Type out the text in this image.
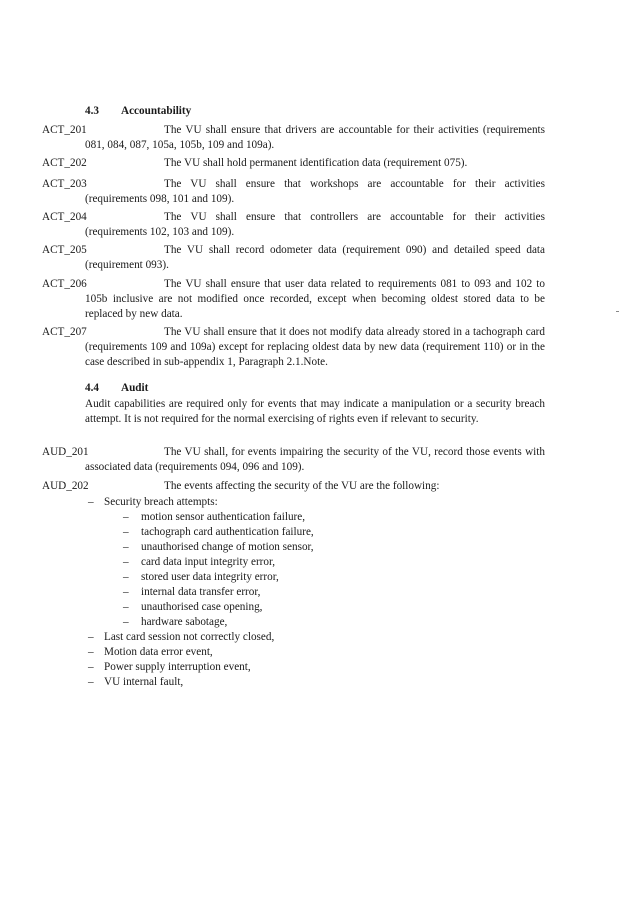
4.3 Accountability
ACT_201	The VU shall ensure that drivers are accountable for their activities (requirements 081, 084, 087, 105a, 105b, 109 and 109a).
ACT_202	The VU shall hold permanent identification data (requirement 075).
ACT_203	The VU shall ensure that workshops are accountable for their activities (requirements 098, 101 and 109).
ACT_204	The VU shall ensure that controllers are accountable for their activities (requirements 102, 103 and 109).
ACT_205	The VU shall record odometer data (requirement 090) and detailed speed data (requirement 093).
ACT_206	The VU shall ensure that user data related to requirements 081 to 093 and 102 to 105b inclusive are not modified once recorded, except when becoming oldest stored data to be replaced by new data.
ACT_207	The VU shall ensure that it does not modify data already stored in a tachograph card (requirements 109 and 109a) except for replacing oldest data by new data (requirement 110) or in the case described in sub-appendix 1, Paragraph 2.1.Note.
4.4 Audit
Audit capabilities are required only for events that may indicate a manipulation or a security breach attempt. It is not required for the normal exercising of rights even if relevant to security.
AUD_201	The VU shall, for events impairing the security of the VU, record those events with associated data (requirements 094, 096 and 109).
AUD_202	The events affecting the security of the VU are the following:
– Security breach attempts:
– motion sensor authentication failure,
– tachograph card authentication failure,
– unauthorised change of motion sensor,
– card data input integrity error,
– stored user data integrity error,
– internal data transfer error,
– unauthorised case opening,
– hardware sabotage,
– Last card session not correctly closed,
– Motion data error event,
– Power supply interruption event,
– VU internal fault,
